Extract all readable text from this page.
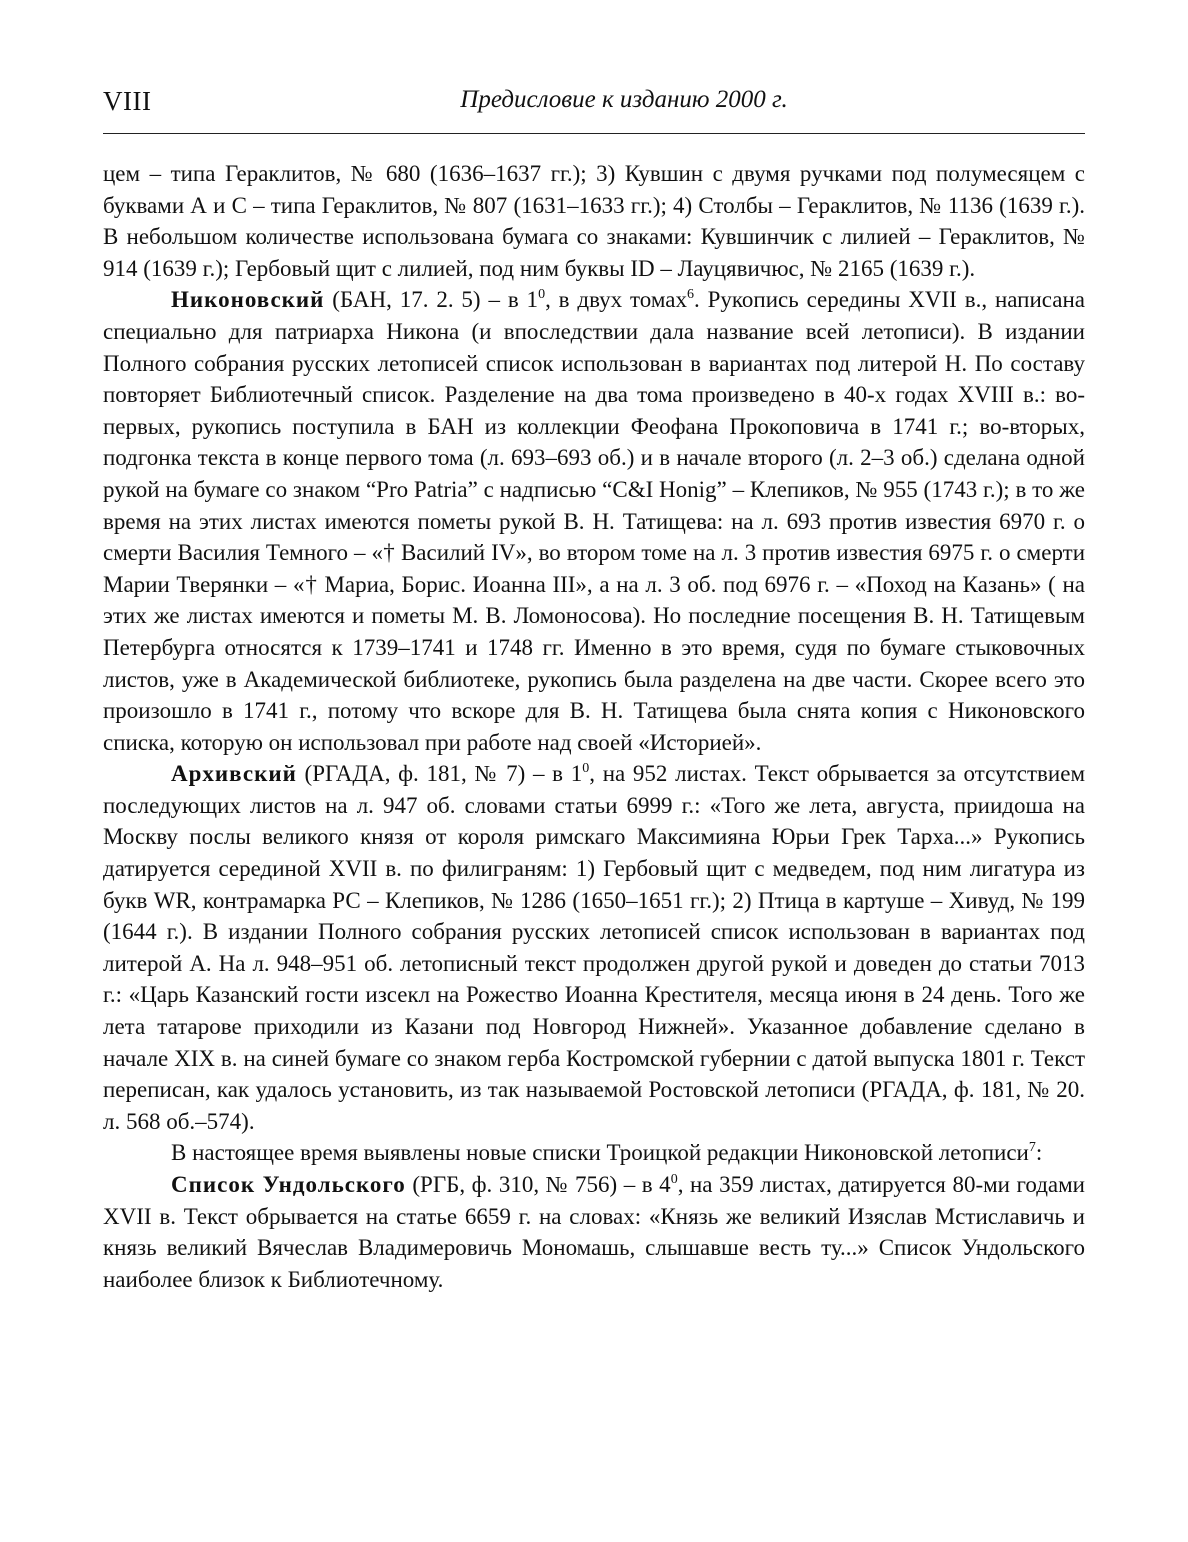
VIII	Предисловие к изданию 2000 г.

цем – типа Гераклитов, № 680 (1636–1637 гг.); 3) Кувшин с двумя ручками под полумесяцем с буквами А и С – типа Гераклитов, № 807 (1631–1633 гг.); 4) Столбы – Гераклитов, № 1136 (1639 г.). В небольшом количестве использована бумага со знаками: Кувшинчик с лилией – Гераклитов, № 914 (1639 г.); Гербовый щит с лилией, под ним буквы ID – Лауцявичюс, № 2165 (1639 г.).

Никоновский (БАН, 17. 2. 5) – в $1^0$, в двух томах$^6$. Рукопись середины XVII в., написана специально для патриарха Никона (и впоследствии дала название всей летописи). В издании Полного собрания русских летописей список использован в вариантах под литерой Н. По составу повторяет Библиотечный список. Разделение на два тома произведено в 40-х годах XVIII в.: во-первых, рукопись поступила в БАН из коллекции Феофана Прокоповича в 1741 г.; во-вторых, подгонка текста в конце первого тома (л. 693–693 об.) и в начале второго (л. 2–3 об.) сделана одной рукой на бумаге со знаком “Pro Patria” с надписью “C&I Honig” – Клепиков, № 955 (1743 г.); в то же время на этих листах имеются пометы рукой В. Н. Татищева: на л. 693 против известия 6970 г. о смерти Василия Темного – «† Василий IV», во втором томе на л. 3 против известия 6975 г. о смерти Марии Тверянки – «† Мариа, Борис. Иоанна III», а на л. 3 об. под 6976 г. – «Поход на Казань» ( на этих же листах имеются и пометы М. В. Ломоносова). Но последние посещения В. Н. Татищевым Петербурга относятся к 1739–1741 и 1748 гг. Именно в это время, судя по бумаге стыковочных листов, уже в Академической библиотеке, рукопись была разделена на две части. Скорее всего это произошло в 1741 г., потому что вскоре для В. Н. Татищева была снята копия с Никоновского списка, которую он использовал при работе над своей «Историей».

Архивский (РГАДА, ф. 181, № 7) – в $1^0$, на 952 листах. Текст обрывается за отсутствием последующих листов на л. 947 об. словами статьи 6999 г.: «Того же лета, августа, приидоша на Москву послы великого князя от короля римскаго Максимияна Юрьи Грек Тарха...» Рукопись датируется серединой XVII в. по филиграням: 1) Гербовый щит с медведем, под ним лигатура из букв WR, контрамарка РС – Клепиков, № 1286 (1650–1651 гг.); 2) Птица в картуше – Хивуд, № 199 (1644 г.). В издании Полного собрания русских летописей список использован в вариантах под литерой А. На л. 948–951 об. летописный текст продолжен другой рукой и доведен до статьи 7013 г.: «Царь Казанский гости изсекл на Рожество Иоанна Крестителя, месяца июня в 24 день. Того же лета татарове приходили из Казани под Новгород Нижней». Указанное добавление сделано в начале XIX в. на синей бумаге со знаком герба Костромской губернии с датой выпуска 1801 г. Текст переписан, как удалось установить, из так называемой Ростовской летописи (РГАДА, ф. 181, № 20. л. 568 об.–574).

В настоящее время выявлены новые списки Троицкой редакции Никоновской летописи$^7$:

Список Ундольского (РГБ, ф. 310, № 756) – в $4^0$, на 359 листах, датируется 80-ми годами XVII в. Текст обрывается на статье 6659 г. на словах: «Князь же великий Изяслав Мстиславичь и князь великий Вячеслав Владимеровичь Мономашь, слышавше весть ту...» Список Ундольского наиболее близок к Библиотечному.
